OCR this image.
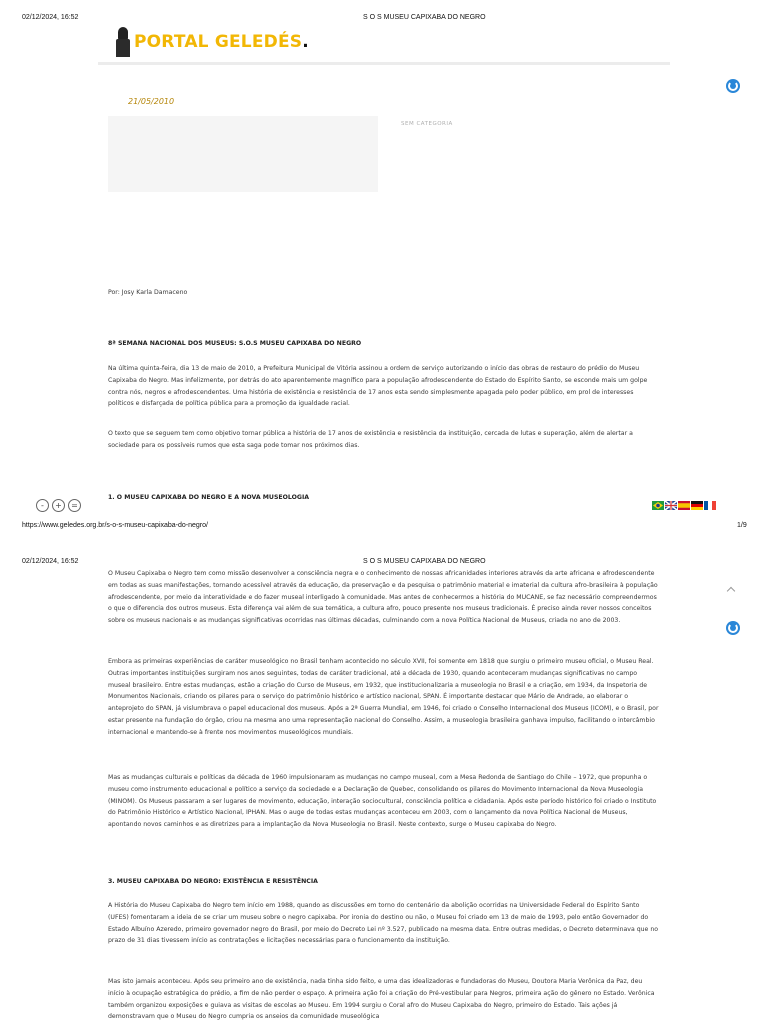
02/12/2024, 16:52	S O S MUSEU CAPIXABA DO NEGRO
PORTAL GELEDÉS .
21/05/2010
SEM CATEGORIA
Por: Josy Karla Damaceno
8ª SEMANA NACIONAL DOS MUSEUS: S.O.S MUSEU CAPIXABA DO NEGRO
Na última quinta-feira, dia 13 de maio de 2010, a Prefeitura Municipal de Vitória assinou a ordem de serviço autorizando o início das obras de restauro do prédio do Museu Capixaba do Negro. Mas infelizmente, por detrás do ato aparentemente magnífico para a população afrodescendente do Estado do Espírito Santo, se esconde mais um golpe contra nós, negros e afrodescendentes. Uma história de existência e resistência de 17 anos esta sendo simplesmente apagada pelo poder público, em prol de interesses políticos e disfarçada de política pública para a promoção da igualdade racial.
O texto que se seguem tem como objetivo tornar pública a história de 17 anos de existência e resistência da instituição, cercada de lutas e superação, além de alertar a sociedade para os possíveis rumos que esta saga pode tomar nos próximos dias.
1. O MUSEU CAPIXABA DO NEGRO E A NOVA MUSEOLOGIA
-	+	=
https://www.geledes.org.br/s-o-s-museu-capixaba-do-negro/	1/9
02/12/2024, 16:52	S O S MUSEU CAPIXABA DO NEGRO
O Museu Capixaba o Negro tem como missão desenvolver a consciência negra e o conhecimento de nossas africanidades interiores através da arte africana e afrodescendente em todas as suas manifestações, tornando acessível através da educação, da preservação e da pesquisa o patrimônio material e imaterial da cultura afro-brasileira à população afrodescendente, por meio da interatividade e do fazer museal interligado à comunidade. Mas antes de conhecermos a história do MUCANE, se faz necessário compreendermos o que o diferencia dos outros museus. Esta diferença vai além de sua temática, a cultura afro, pouco presente nos museus tradicionais. É preciso ainda rever nossos conceitos sobre os museus nacionais e as mudanças significativas ocorridas nas últimas décadas, culminando com a nova Política Nacional de Museus, criada no ano de 2003.
Embora as primeiras experiências de caráter museológico no Brasil tenham acontecido no século XVII, foi somente em 1818 que surgiu o primeiro museu oficial, o Museu Real. Outras importantes instituições surgiram nos anos seguintes, todas de caráter tradicional, até a década de 1930, quando aconteceram mudanças significativas no campo museal brasileiro. Entre estas mudanças, estão a criação do Curso de Museus, em 1932, que institucionalizaria a museologia no Brasil e a criação, em 1934, da Inspetoria de Monumentos Nacionais, criando os pilares para o serviço do patrimônio histórico e artístico nacional, SPAN. É importante destacar que Mário de Andrade, ao elaborar o anteprojeto do SPAN, já vislumbrava o papel educacional dos museus. Após a 2ª Guerra Mundial, em 1946, foi criado o Conselho Internacional dos Museus (ICOM), e o Brasil, por estar presente na fundação do órgão, criou na mesma ano uma representação nacional do Conselho. Assim, a museologia brasileira ganhava impulso, facilitando o intercâmbio internacional e mantendo-se à frente nos movimentos museológicos mundiais.
Mas as mudanças culturais e políticas da década de 1960 impulsionaram as mudanças no campo museal, com a Mesa Redonda de Santiago do Chile – 1972, que propunha o museu como instrumento educacional e político a serviço da sociedade e a Declaração de Quebec, consolidando os pilares do Movimento Internacional da Nova Museologia (MINOM). Os Museus passaram a ser lugares de movimento, educação, interação sociocultural, consciência política e cidadania. Após este período histórico foi criado o Instituto do Patrimônio Histórico e Artístico Nacional, IPHAN. Mas o auge de todas estas mudanças aconteceu em 2003, com o lançamento da nova Política Nacional de Museus, apontando novos caminhos e as diretrizes para a implantação da Nova Museologia no Brasil. Neste contexto, surge o Museu capixaba do Negro.
3. MUSEU CAPIXABA DO NEGRO: EXISTÊNCIA E RESISTÊNCIA
A História do Museu Capixaba do Negro tem início em 1988, quando as discussões em torno do centenário da abolição ocorridas na Universidade Federal do Espírito Santo (UFES) fomentaram a ideia de se criar um museu sobre o negro capixaba. Por ironia do destino ou não, o Museu foi criado em 13 de maio de 1993, pelo então Governador do Estado Albuíno Azeredo, primeiro governador negro do Brasil, por meio do Decreto Lei nº 3.527, publicado na mesma data. Entre outras medidas, o Decreto determinava que no prazo de 31 dias tivessem início as contratações e licitações necessárias para o funcionamento da instituição.
Mas isto jamais aconteceu. Após seu primeiro ano de existência, nada tinha sido feito, e uma das idealizadoras e fundadoras do Museu, Doutora Maria Verônica da Paz, deu início à ocupação estratégica do prédio, a fim de não perder o espaço. A primeira ação foi a criação do Pré-vestibular para Negros, primeira ação do gênero no Estado. Verônica também organizou exposições e guiava as visitas de escolas ao Museu. Em 1994 surgiu o Coral afro do Museu Capixaba do Negro, primeiro do Estado. Tais ações já demonstravam que o Museu do Negro cumpria os anseios da comunidade museológica
